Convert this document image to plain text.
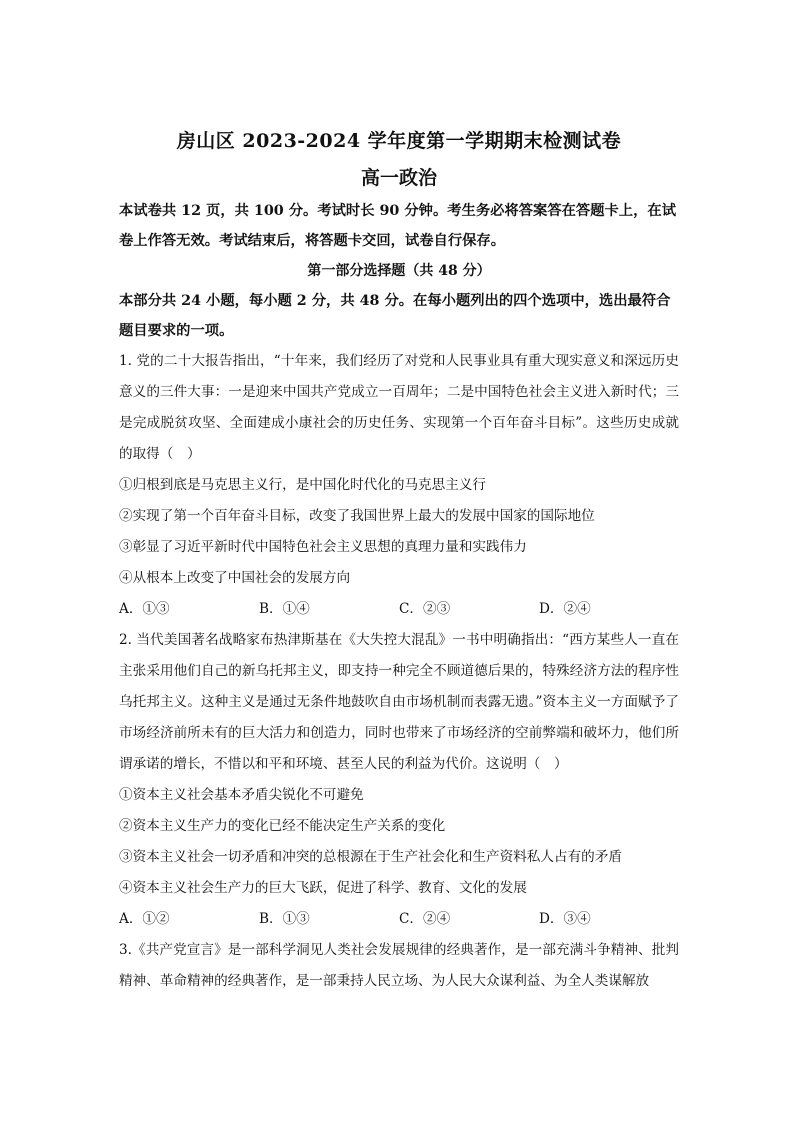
房山区 2023-2024 学年度第一学期期末检测试卷
高一政治
本试卷共 12 页，共 100 分。考试时长 90 分钟。考生务必将答案答在答题卡上，在试卷上作答无效。考试结束后，将答题卡交回，试卷自行保存。
第一部分选择题（共 48 分）
本部分共 24 小题，每小题 2 分，共 48 分。在每小题列出的四个选项中，选出最符合题目要求的一项。
1. 党的二十大报告指出，“十年来，我们经历了对党和人民事业具有重大现实意义和深远历史意义的三件大事：一是迎来中国共产党成立一百周年；二是中国特色社会主义进入新时代；三是完成脱贫攻坚、全面建成小康社会的历史任务、实现第一个百年奋斗目标”。这些历史成就的取得（　）
①归根到底是马克思主义行，是中国化时代化的马克思主义行
②实现了第一个百年奋斗目标，改变了我国世界上最大的发展中国家的国际地位
③彰显了习近平新时代中国特色社会主义思想的真理力量和实践伟力
④从根本上改变了中国社会的发展方向
A．①③	B．①④	C．②③	D．②④
2. 当代美国著名战略家布热津斯基在《大失控大混乱》一书中明确指出：“西方某些人一直在主张采用他们自己的新乌托邦主义，即支持一种完全不顾道德后果的，特殊经济方法的程序性乌托邦主义。这种主义是通过无条件地鼓吹自由市场机制而表露无遗。”资本主义一方面赋予了市场经济前所未有的巨大活力和创造力，同时也带来了市场经济的空前弊端和破坏力，他们所谓承诺的增长，不惜以和平和环境、甚至人民的利益为代价。这说明（　）
①资本主义社会基本矛盾尖锐化不可避免
②资本主义生产力的变化已经不能决定生产关系的变化
③资本主义社会一切矛盾和冲突的总根源在于生产社会化和生产资料私人占有的矛盾
④资本主义社会生产力的巨大飞跃，促进了科学、教育、文化的发展
A．①②	B．①③	C．②④	D．③④
3.《共产党宣言》是一部科学洞见人类社会发展规律的经典著作，是一部充满斗争精神、批判精神、革命精神的经典著作，是一部秉持人民立场、为人民大众谋利益、为全人类谋解放
